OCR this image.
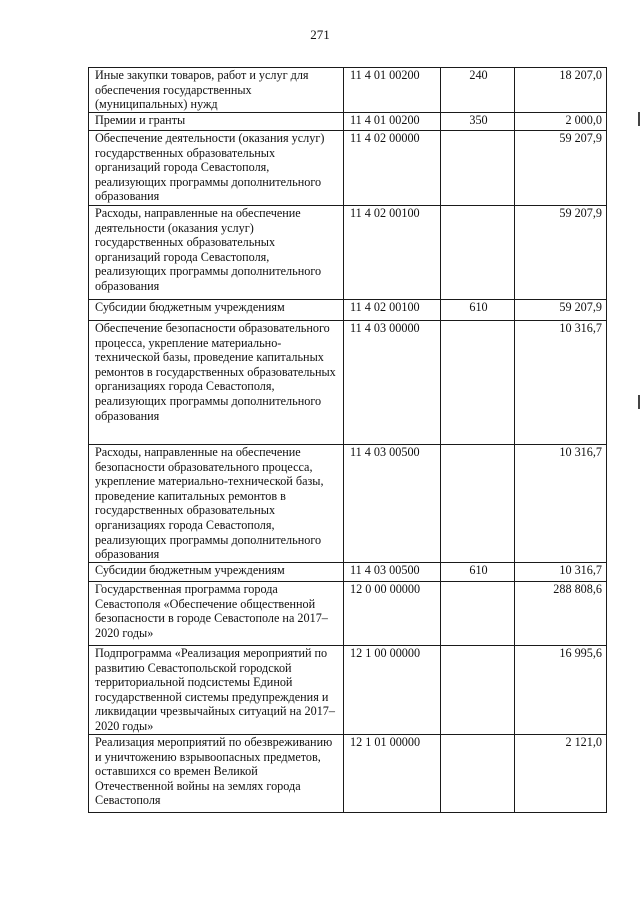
271
Иные закупки товаров, работ и услуг для обеспечения государственных (муниципальных) нужд	11 4 01 00200	240	18 207,0
Премии и гранты	11 4 01 00200	350	2 000,0
Обеспечение деятельности (оказания услуг) государственных образовательных организаций города Севастополя, реализующих программы дополнительного образования	11 4 02 00000		59 207,9
Расходы, направленные на обеспечение деятельности (оказания услуг) государственных образовательных организаций города Севастополя, реализующих программы дополнительного образования	11 4 02 00100		59 207,9
Субсидии бюджетным учреждениям	11 4 02 00100	610	59 207,9
Обеспечение безопасности образовательного процесса, укрепление материально-технической базы, проведение капитальных ремонтов в государственных образовательных организациях города Севастополя, реализующих программы дополнительного образования	11 4 03 00000		10 316,7
Расходы, направленные на обеспечение безопасности образовательного процесса, укрепление материально-технической базы, проведение капитальных ремонтов в государственных образовательных организациях города Севастополя, реализующих программы дополнительного образования	11 4 03 00500		10 316,7
Субсидии бюджетным учреждениям	11 4 03 00500	610	10 316,7
Государственная программа города Севастополя «Обеспечение общественной безопасности в городе Севастополе на 2017–2020 годы»	12 0 00 00000		288 808,6
Подпрограмма «Реализация мероприятий по развитию Севастопольской городской территориальной подсистемы Единой государственной системы предупреждения и ликвидации чрезвычайных ситуаций на 2017–2020 годы»	12 1 00 00000		16 995,6
Реализация мероприятий по обезвреживанию и уничтожению взрывоопасных предметов, оставшихся со времен Великой Отечественной войны на землях города Севастополя	12 1 01 00000		2 121,0
